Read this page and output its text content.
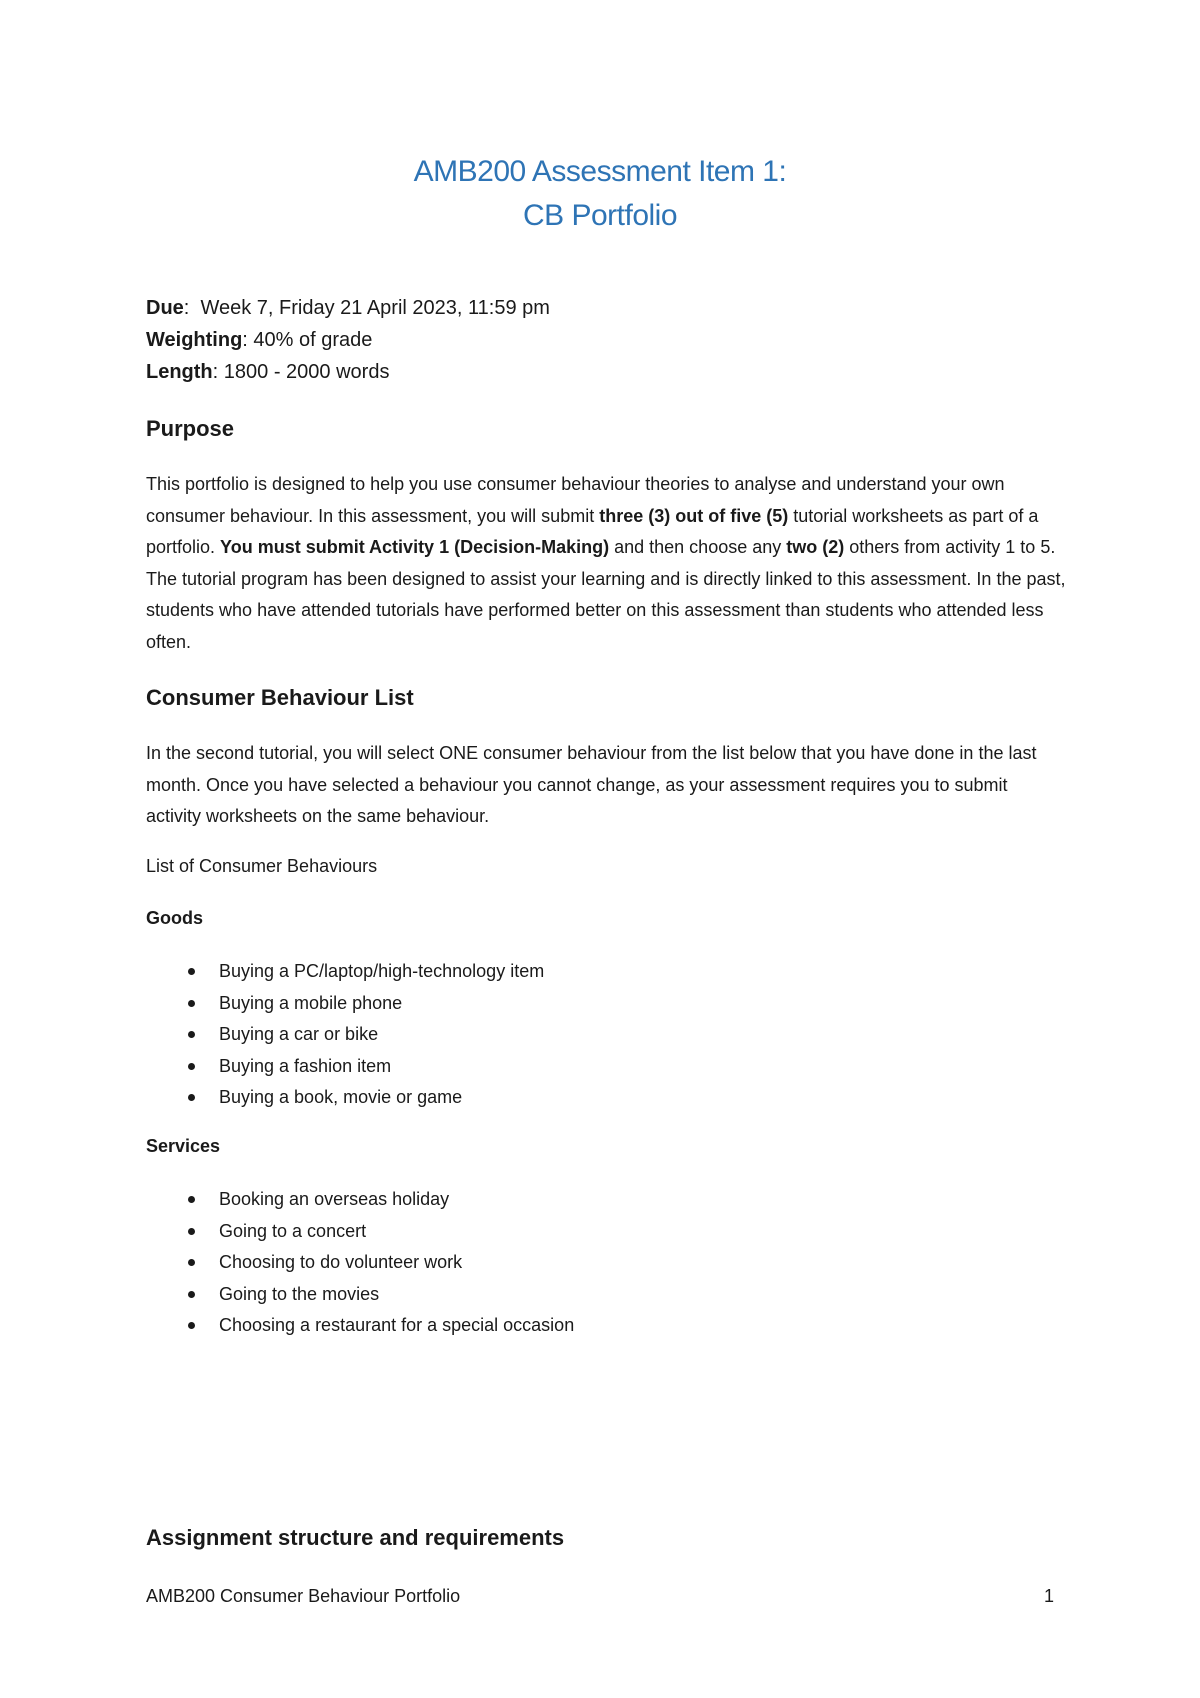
AMB200 Assessment Item 1:
CB Portfolio
Due:  Week 7, Friday 21 April 2023, 11:59 pm
Weighting: 40% of grade
Length: 1800 - 2000 words
Purpose
This portfolio is designed to help you use consumer behaviour theories to analyse and understand your own consumer behaviour. In this assessment, you will submit three (3) out of five (5) tutorial worksheets as part of a portfolio. You must submit Activity 1 (Decision-Making) and then choose any two (2) others from activity 1 to 5. The tutorial program has been designed to assist your learning and is directly linked to this assessment. In the past, students who have attended tutorials have performed better on this assessment than students who attended less often.
Consumer Behaviour List
In the second tutorial, you will select ONE consumer behaviour from the list below that you have done in the last month. Once you have selected a behaviour you cannot change, as your assessment requires you to submit activity worksheets on the same behaviour.
List of Consumer Behaviours
Goods
Buying a PC/laptop/high-technology item
Buying a mobile phone
Buying a car or bike
Buying a fashion item
Buying a book, movie or game
Services
Booking an overseas holiday
Going to a concert
Choosing to do volunteer work
Going to the movies
Choosing a restaurant for a special occasion
Assignment structure and requirements
AMB200 Consumer Behaviour Portfolio	1
